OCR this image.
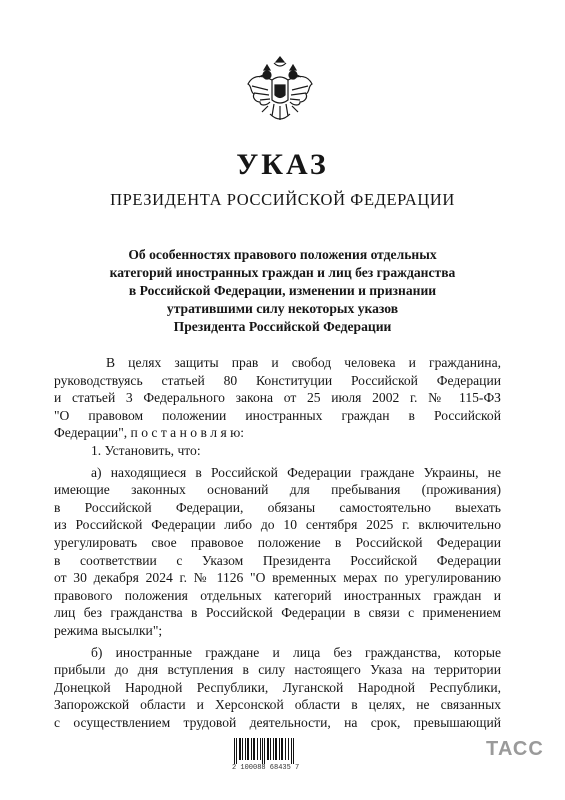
УКАЗ
ПРЕЗИДЕНТА РОССИЙСКОЙ ФЕДЕРАЦИИ
Об особенностях правового положения отдельных
категорий иностранных граждан и лиц без гражданства
в Российской Федерации, изменении и признании
утратившими силу некоторых указов
Президента Российской Федерации
В целях защиты прав и свобод человека и гражданина,
руководствуясь статьей 80 Конституции Российской Федерации
и статьей 3 Федерального закона от 25 июля 2002 г. № 115-ФЗ
"О правовом положении иностранных граждан в Российской
Федерации", п о с т а н о в л я ю:
1. Установить, что:
а) находящиеся в Российской Федерации граждане Украины, не
имеющие законных оснований для пребывания (проживания)
в Российской Федерации, обязаны самостоятельно выехать
из Российской Федерации либо до 10 сентября 2025 г. включительно
урегулировать свое правовое положение в Российской Федерации
в соответствии с Указом Президента Российской Федерации
от 30 декабря 2024 г. № 1126 "О временных мерах по урегулированию
правового положения отдельных категорий иностранных граждан и
лиц без гражданства в Российской Федерации в связи с применением
режима высылки";
б) иностранные граждане и лица без гражданства, которые
прибыли до дня вступления в силу настоящего Указа на территории
Донецкой Народной Республики, Луганской Народной Республики,
Запорожской области и Херсонской области в целях, не связанных
с осуществлением трудовой деятельности, на срок, превышающий
2 100088 68435 7
ТАСС
